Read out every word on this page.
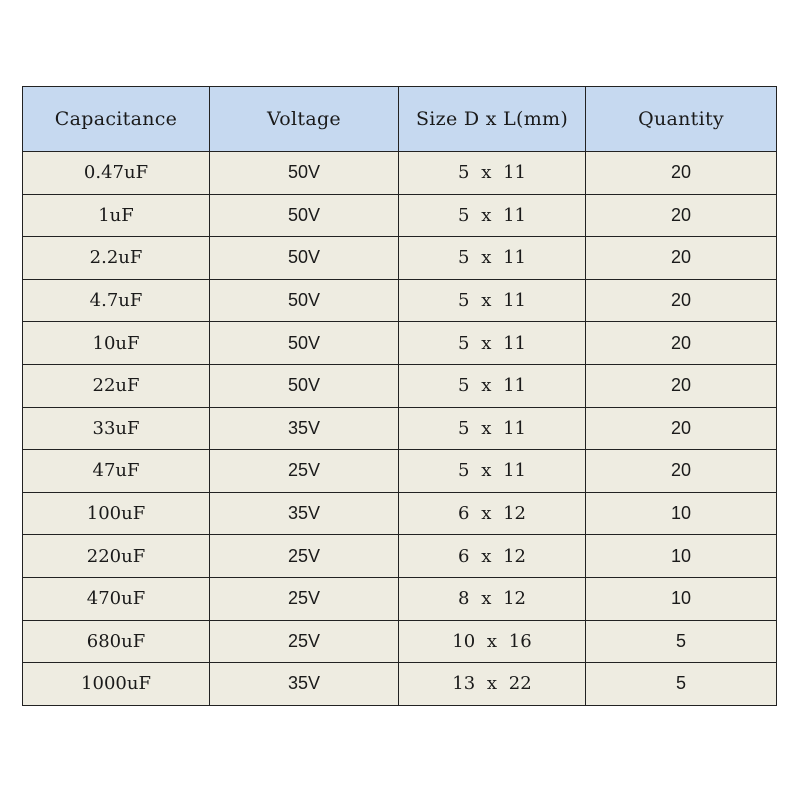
Capacitance	Voltage	Size D x L(mm)	Quantity
0.47uF	50V	5 x 11	20
1uF	50V	5 x 11	20
2.2uF	50V	5 x 11	20
4.7uF	50V	5 x 11	20
10uF	50V	5 x 11	20
22uF	50V	5 x 11	20
33uF	35V	5 x 11	20
47uF	25V	5 x 11	20
100uF	35V	6 x 12	10
220uF	25V	6 x 12	10
470uF	25V	8 x 12	10
680uF	25V	10 x 16	5
1000uF	35V	13 x 22	5
